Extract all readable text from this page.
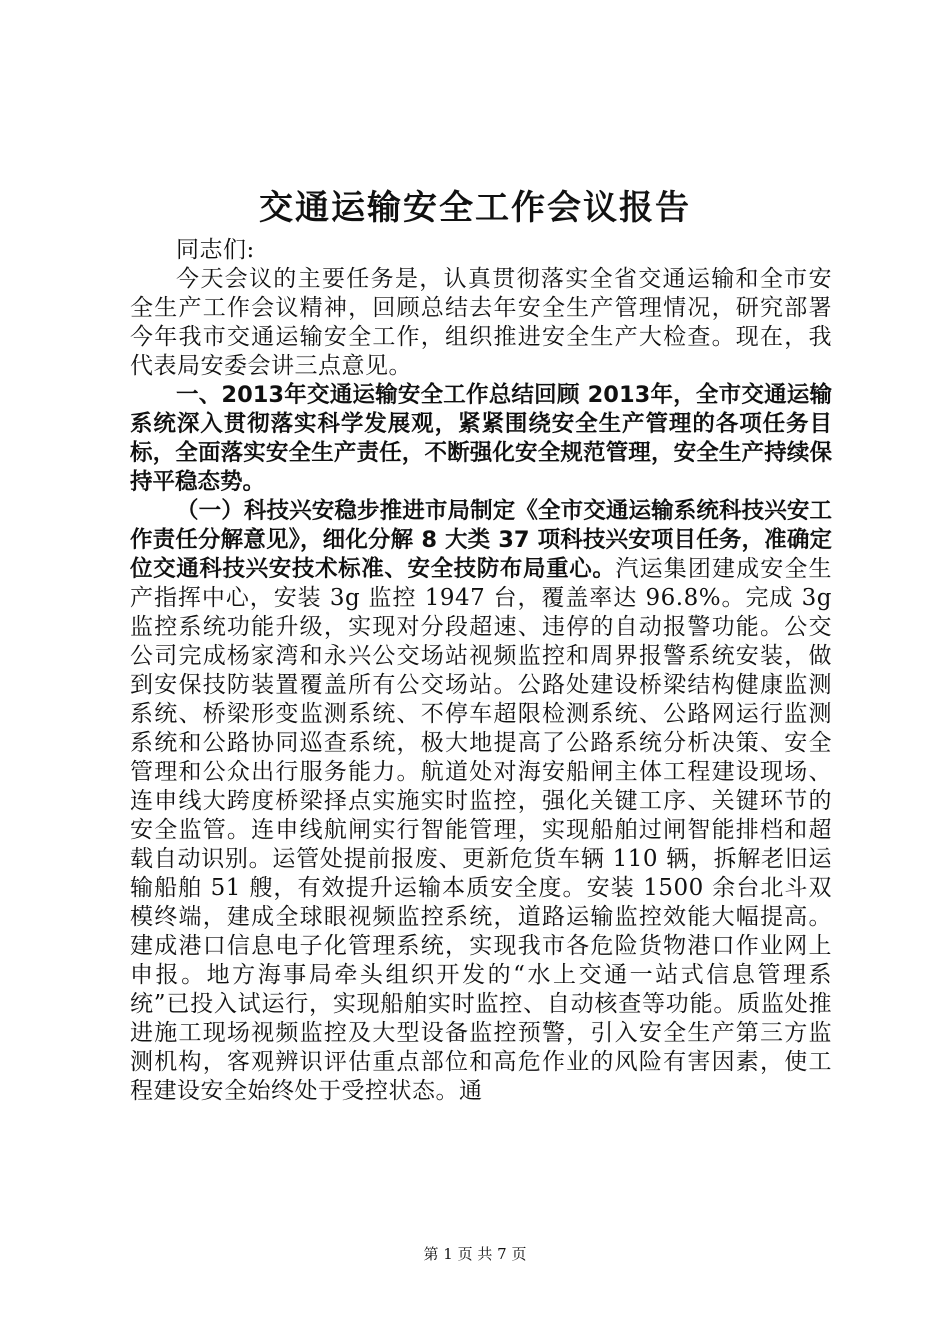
交通运输安全工作会议报告

同志们:

今天会议的主要任务是，认真贯彻落实全省交通运输和全市安全生产工作会议精神，回顾总结去年安全生产管理情况，研究部署今年我市交通运输安全工作，组织推进安全生产大检查。现在，我代表局安委会讲三点意见。

一、2013年交通运输安全工作总结回顾 2013年，全市交通运输系统深入贯彻落实科学发展观，紧紧围绕安全生产管理的各项任务目标，全面落实安全生产责任，不断强化安全规范管理，安全生产持续保持平稳态势。

（一）科技兴安稳步推进市局制定《全市交通运输系统科技兴安工作责任分解意见》，细化分解 8 大类 37 项科技兴安项目任务，准确定位交通科技兴安技术标准、安全技防布局重心。汽运集团建成安全生产指挥中心，安装 3g 监控 1947 台，覆盖率达 96.8%。完成 3g 监控系统功能升级，实现对分段超速、违停的自动报警功能。公交公司完成杨家湾和永兴公交场站视频监控和周界报警系统安装，做到安保技防装置覆盖所有公交场站。公路处建设桥梁结构健康监测系统、桥梁形变监测系统、不停车超限检测系统、公路网运行监测系统和公路协同巡查系统，极大地提高了公路系统分析决策、安全管理和公众出行服务能力。航道处对海安船闸主体工程建设现场、连申线大跨度桥梁择点实施实时监控，强化关键工序、关键环节的安全监管。连申线航闸实行智能管理，实现船舶过闸智能排档和超载自动识别。运管处提前报废、更新危货车辆 110 辆，拆解老旧运输船舶 51 艘，有效提升运输本质安全度。安装 1500 余台北斗双模终端，建成全球眼视频监控系统，道路运输监控效能大幅提高。建成港口信息电子化管理系统，实现我市各危险货物港口作业网上申报。地方海事局牵头组织开发的“水上交通一站式信息管理系统”已投入试运行，实现船舶实时监控、自动核查等功能。质监处推进施工现场视频监控及大型设备监控预警，引入安全生产第三方监测机构，客观辨识评估重点部位和高危作业的风险有害因素，使工程建设安全始终处于受控状态。通

第 1 页 共 7 页
